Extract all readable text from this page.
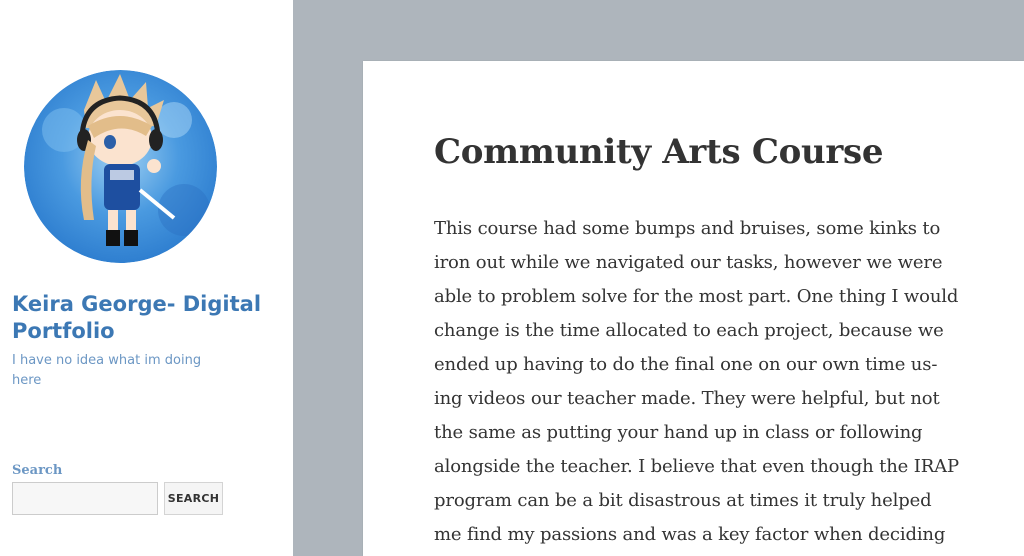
Keira George- Digital Portfolio

I have no idea what im doing here

Search
SEARCH
Community Arts Course
This course had some bumps and bruises, some kinks to
iron out while we navigated our tasks, however we were
able to problem solve for the most part. One thing I would
change is the time allocated to each project, because we
ended up having to do the final one on our own time us-
ing videos our teacher made. They were helpful, but not
the same as putting your hand up in class or following
alongside the teacher. I believe that even though the IRAP
program can be a bit disastrous at times it truly helped
me find my passions and was a key factor when deciding
